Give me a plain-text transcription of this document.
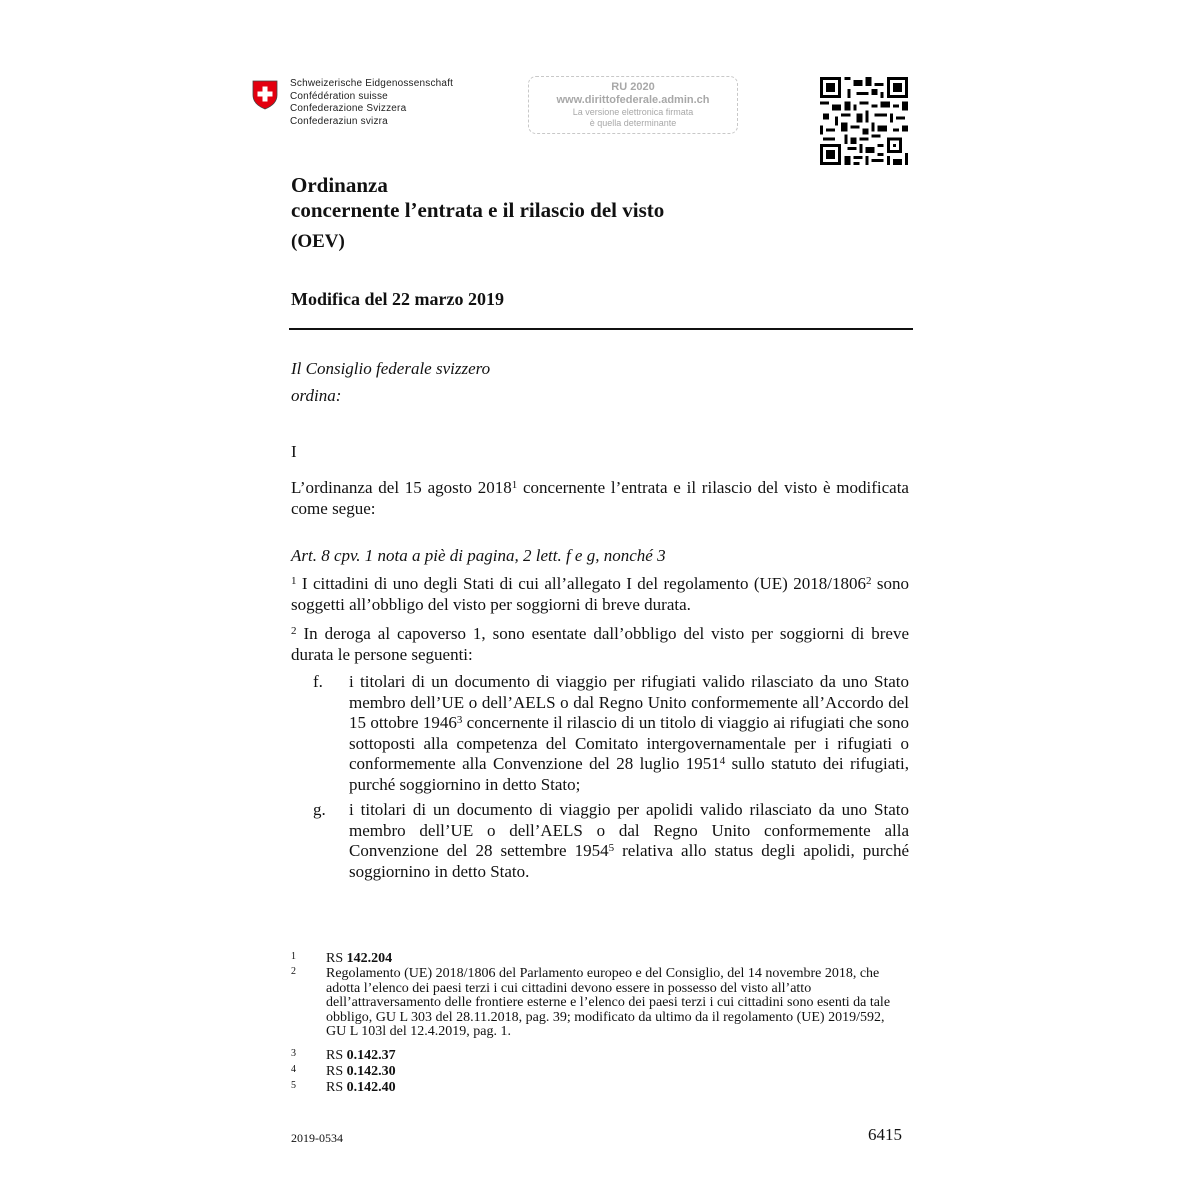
Schweizerische Eidgenossenschaft
Confédération suisse
Confederazione Svizzera
Confederaziun svizra
RU 2020
www.dirittofederale.admin.ch
La versione elettronica firmata
è quella determinante
Ordinanza
concernente l’entrata e il rilascio del visto
(OEV)
Modifica del 22 marzo 2019
Il Consiglio federale svizzero
ordina:
I
L’ordinanza del 15 agosto 2018$^1$ concernente l’entrata e il rilascio del visto è modificata come segue:
Art. 8 cpv. 1 nota a piè di pagina, 2 lett. f e g, nonché 3
$^1$ I cittadini di uno degli Stati di cui all’allegato I del regolamento (UE) 2018/1806$^2$ sono soggetti all’obbligo del visto per soggiorni di breve durata.
$^2$ In deroga al capoverso 1, sono esentate dall’obbligo del visto per soggiorni di breve durata le persone seguenti:
f. i titolari di un documento di viaggio per rifugiati valido rilasciato da uno Stato membro dell’UE o dell’AELS o dal Regno Unito conformemente all’Accordo del 15 ottobre 1946$^3$ concernente il rilascio di un titolo di viaggio ai rifugiati che sono sottoposti alla competenza del Comitato intergovernamentale per i rifugiati o conformemente alla Convenzione del 28 luglio 1951$^4$ sullo statuto dei rifugiati, purché soggiornino in detto Stato;
g. i titolari di un documento di viaggio per apolidi valido rilasciato da uno Stato membro dell’UE o dell’AELS o dal Regno Unito conformemente alla Convenzione del 28 settembre 1954$^5$ relativa allo status degli apolidi, purché soggiornino in detto Stato.
1 RS 142.204
2 Regolamento (UE) 2018/1806 del Parlamento europeo e del Consiglio, del 14 novembre 2018, che adotta l’elenco dei paesi terzi i cui cittadini devono essere in possesso del visto all’atto dell’attraversamento delle frontiere esterne e l’elenco dei paesi terzi i cui cittadini sono esenti da tale obbligo, GU L 303 del 28.11.2018, pag. 39; modificato da ultimo da il regolamento (UE) 2019/592, GU L 103l del 12.4.2019, pag. 1.
3 RS 0.142.37
4 RS 0.142.30
5 RS 0.142.40
2019-0534	6415
